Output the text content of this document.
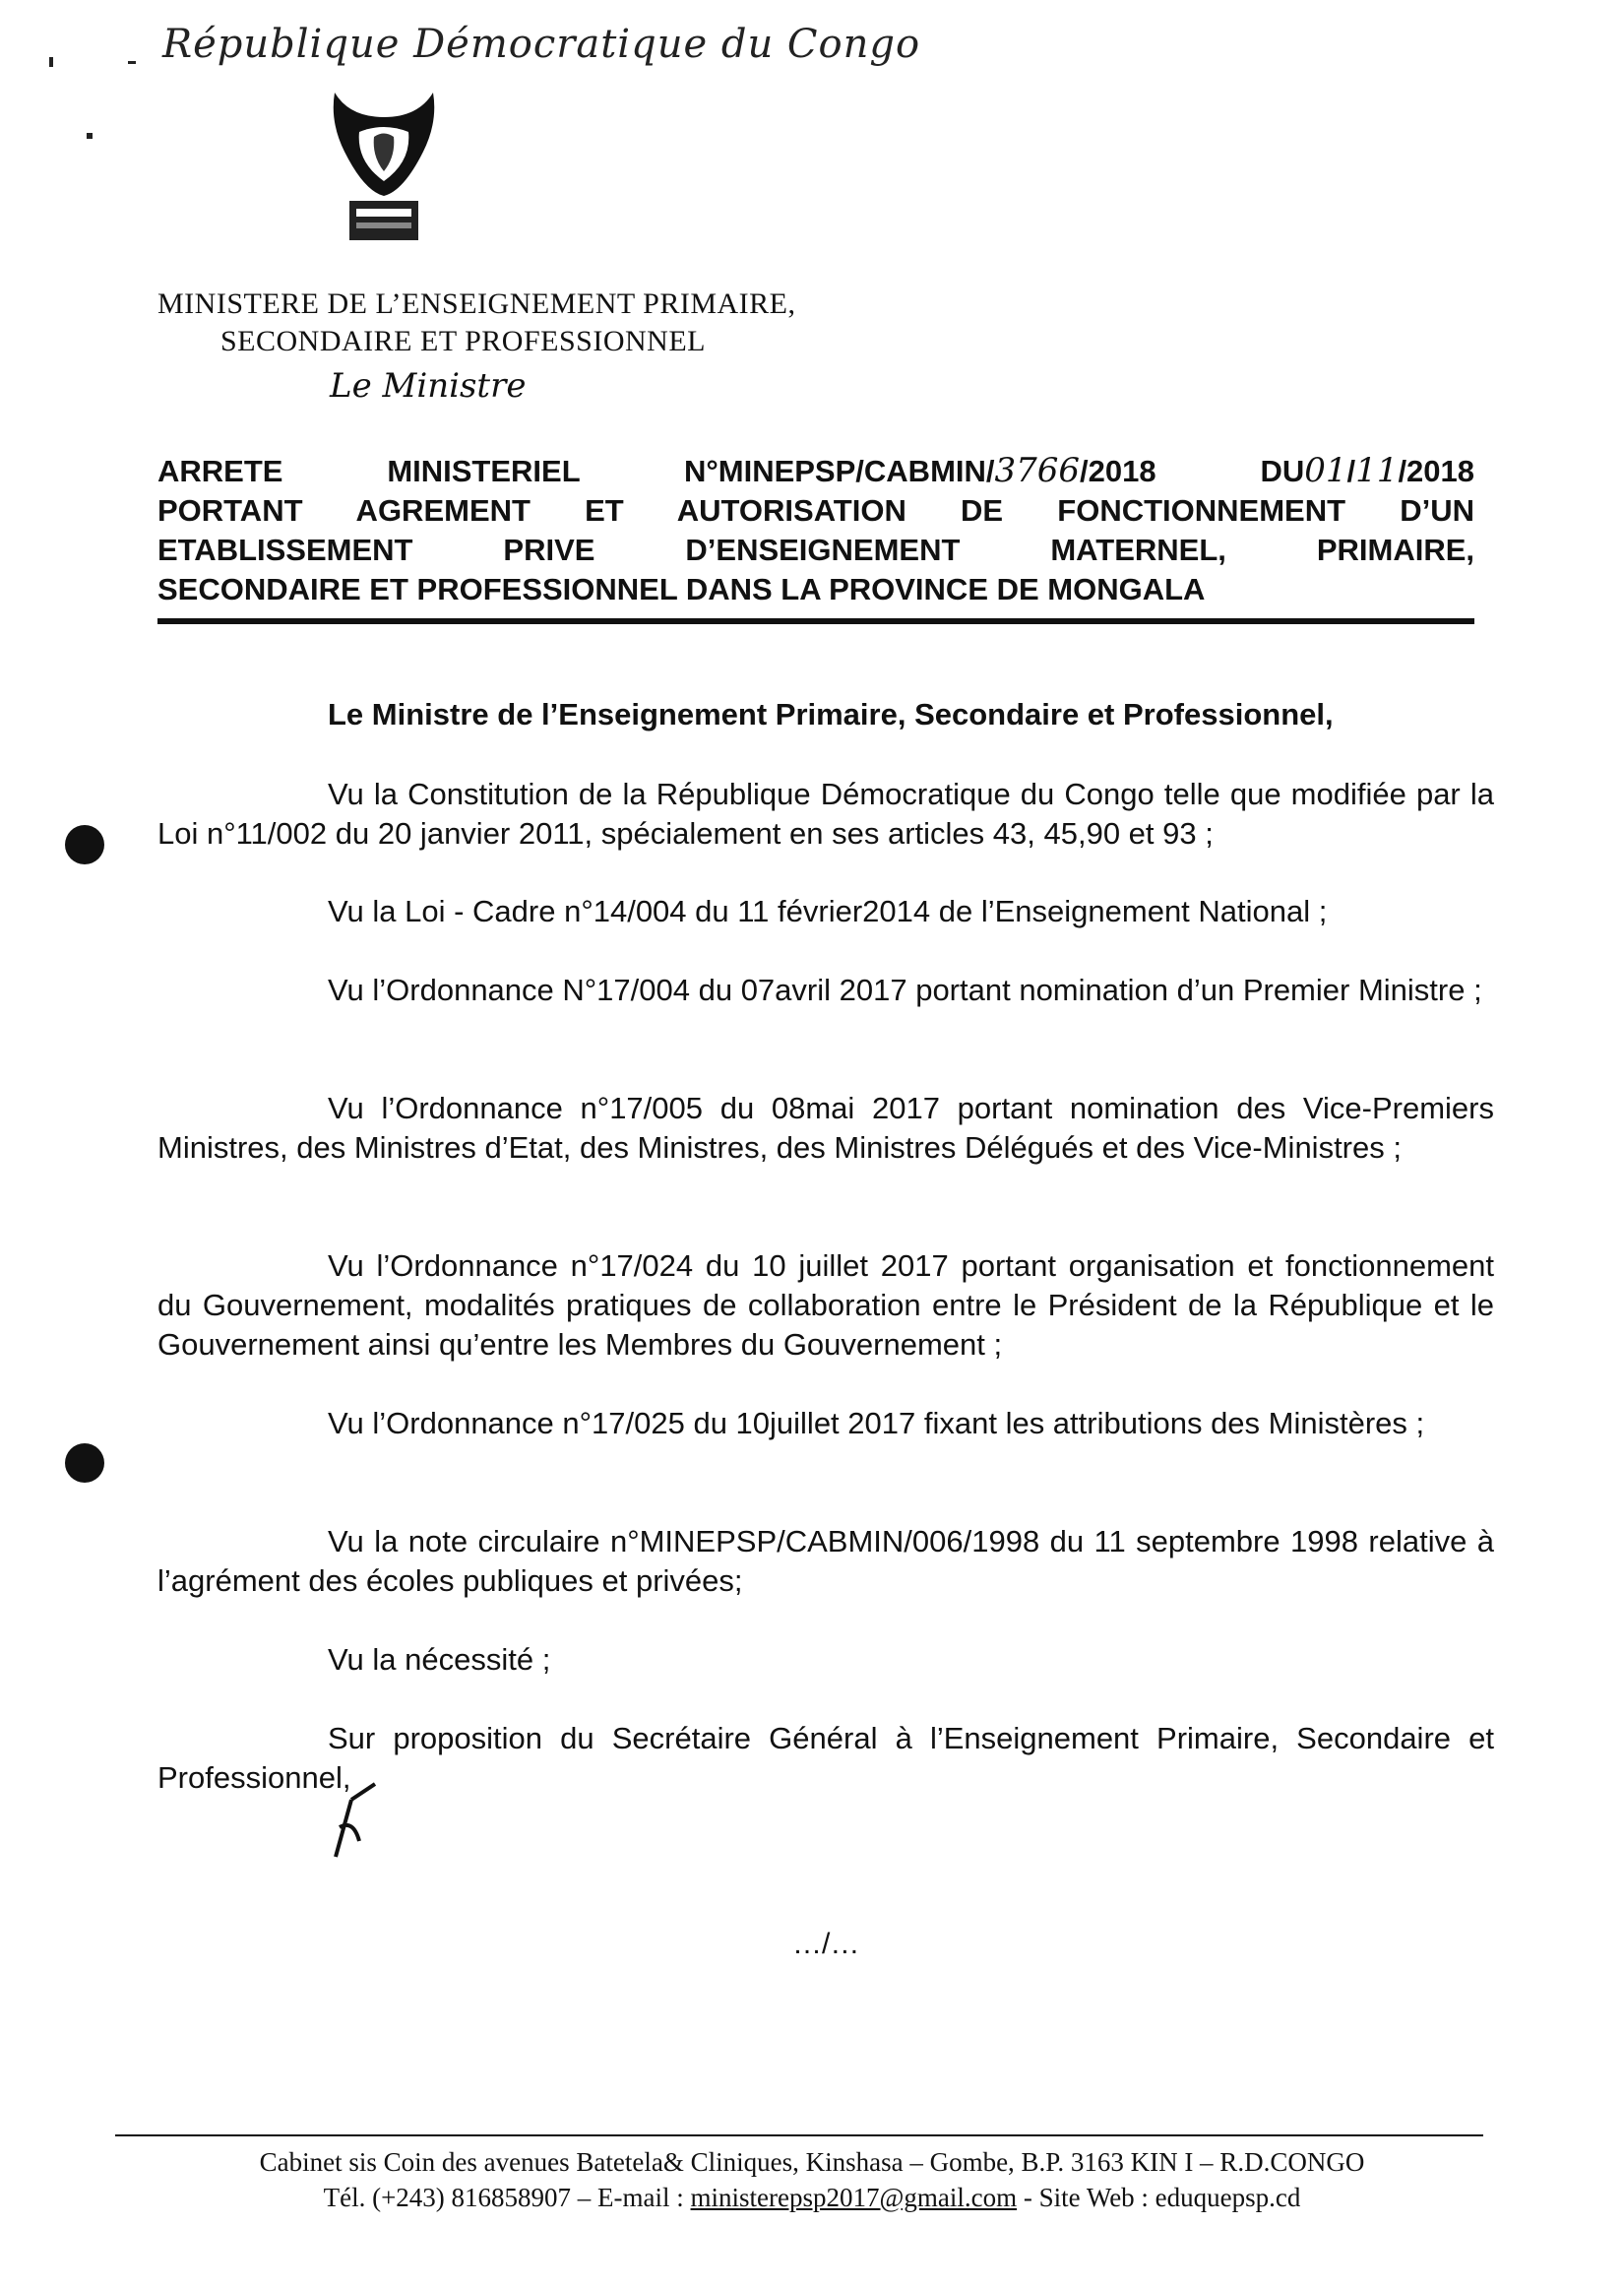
République Démocratique du Congo
MINISTERE DE L’ENSEIGNEMENT PRIMAIRE,
SECONDAIRE ET PROFESSIONNEL
Le Ministre
ARRETE MINISTERIEL N°MINEPSP/CABMIN/3766/2018 DU01/11/2018
PORTANT AGREMENT ET AUTORISATION DE FONCTIONNEMENT D’UN
ETABLISSEMENT PRIVE D’ENSEIGNEMENT MATERNEL, PRIMAIRE,
SECONDAIRE ET PROFESSIONNEL DANS LA PROVINCE DE MONGALA
Le Ministre de l’Enseignement Primaire, Secondaire et Professionnel,
Vu la Constitution de la République Démocratique du Congo telle que modifiée par la Loi n°11/002 du 20 janvier 2011, spécialement en ses articles 43, 45,90 et 93 ;
Vu la Loi - Cadre n°14/004 du 11 février2014 de l’Enseignement National ;
Vu l’Ordonnance N°17/004 du 07avril 2017 portant nomination d’un Premier Ministre ;
Vu l’Ordonnance n°17/005 du 08mai 2017 portant nomination des Vice-Premiers Ministres, des Ministres d’Etat, des Ministres, des Ministres Délégués et des Vice-Ministres ;
Vu l’Ordonnance n°17/024 du 10 juillet 2017 portant organisation et fonctionnement du Gouvernement, modalités pratiques de collaboration entre le Président de la République et le Gouvernement ainsi qu’entre les Membres du Gouvernement ;
Vu l’Ordonnance n°17/025 du 10juillet 2017 fixant les attributions des Ministères ;
Vu la note circulaire n°MINEPSP/CABMIN/006/1998 du 11 septembre 1998 relative à l’agrément des écoles publiques et privées;
Vu la nécessité ;
Sur proposition du Secrétaire Général à l’Enseignement Primaire, Secondaire et Professionnel,
…/…
Cabinet sis Coin des avenues Batetela& Cliniques, Kinshasa – Gombe, B.P. 3163 KIN I – R.D.CONGO
Tél. (+243) 816858907 – E-mail : ministerepsp2017@gmail.com - Site Web : eduquepsp.cd
